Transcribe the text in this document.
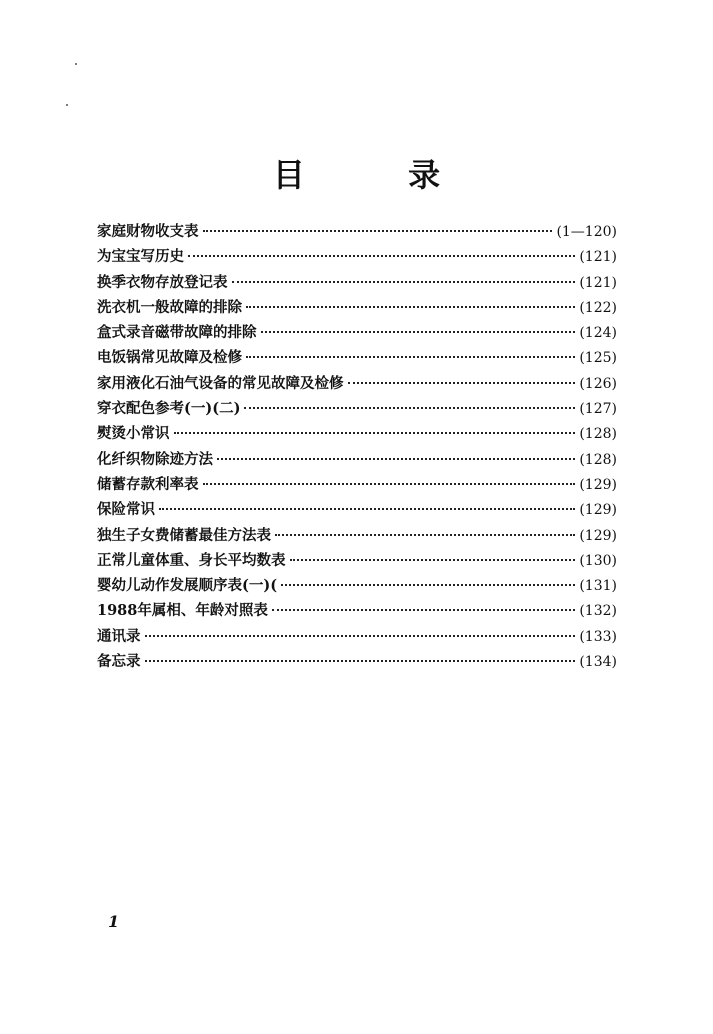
目 录
家庭财物收支表	(1—120)
为宝宝写历史	(121)
换季衣物存放登记表	(121)
洗衣机一般故障的排除	(122)
盒式录音磁带故障的排除	(124)
电饭锅常见故障及检修	(125)
家用液化石油气设备的常见故障及检修	(126)
穿衣配色参考(一)(二)	(127)
熨烫小常识	(128)
化纤织物除迹方法	(128)
储蓄存款利率表	(129)
保险常识	(129)
独生子女费储蓄最佳方法表	(129)
正常儿童体重、身长平均数表	(130)
婴幼儿动作发展顺序表(一)(	(131)
1988年属相、年龄对照表	(132)
通讯录	(133)
备忘录	(134)
1
